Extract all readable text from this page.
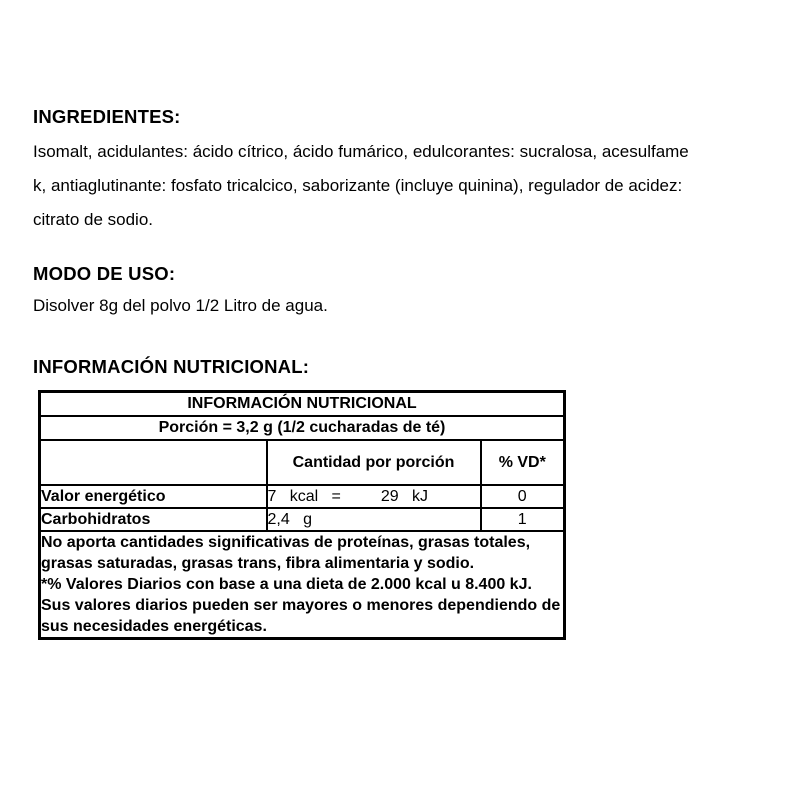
INGREDIENTES:
Isomalt, acidulantes: ácido cítrico, ácido fumárico, edulcorantes: sucralosa, acesulfame
k, antiaglutinante: fosfato tricalcico, saborizante (incluye quinina), regulador de acidez:
citrato de sodio.
MODO DE USO:
Disolver 8g del polvo 1/2 Litro de agua.
INFORMACIÓN NUTRICIONAL:
INFORMACIÓN NUTRICIONAL		
Porción = 3,2 g (1/2 cucharadas de té)		
	Cantidad por porción	% VD*
Valor energético	7   kcal   =         29   kJ	0
Carbohidratos	2,4   g	1

No aporta cantidades significativas de proteínas, grasas totales, grasas saturadas, grasas trans, fibra alimentaria y sodio.

*% Valores Diarios con base a una dieta de 2.000 kcal u 8.400 kJ. Sus valores diarios pueden ser mayores o menores dependiendo de sus necesidades energéticas.		
